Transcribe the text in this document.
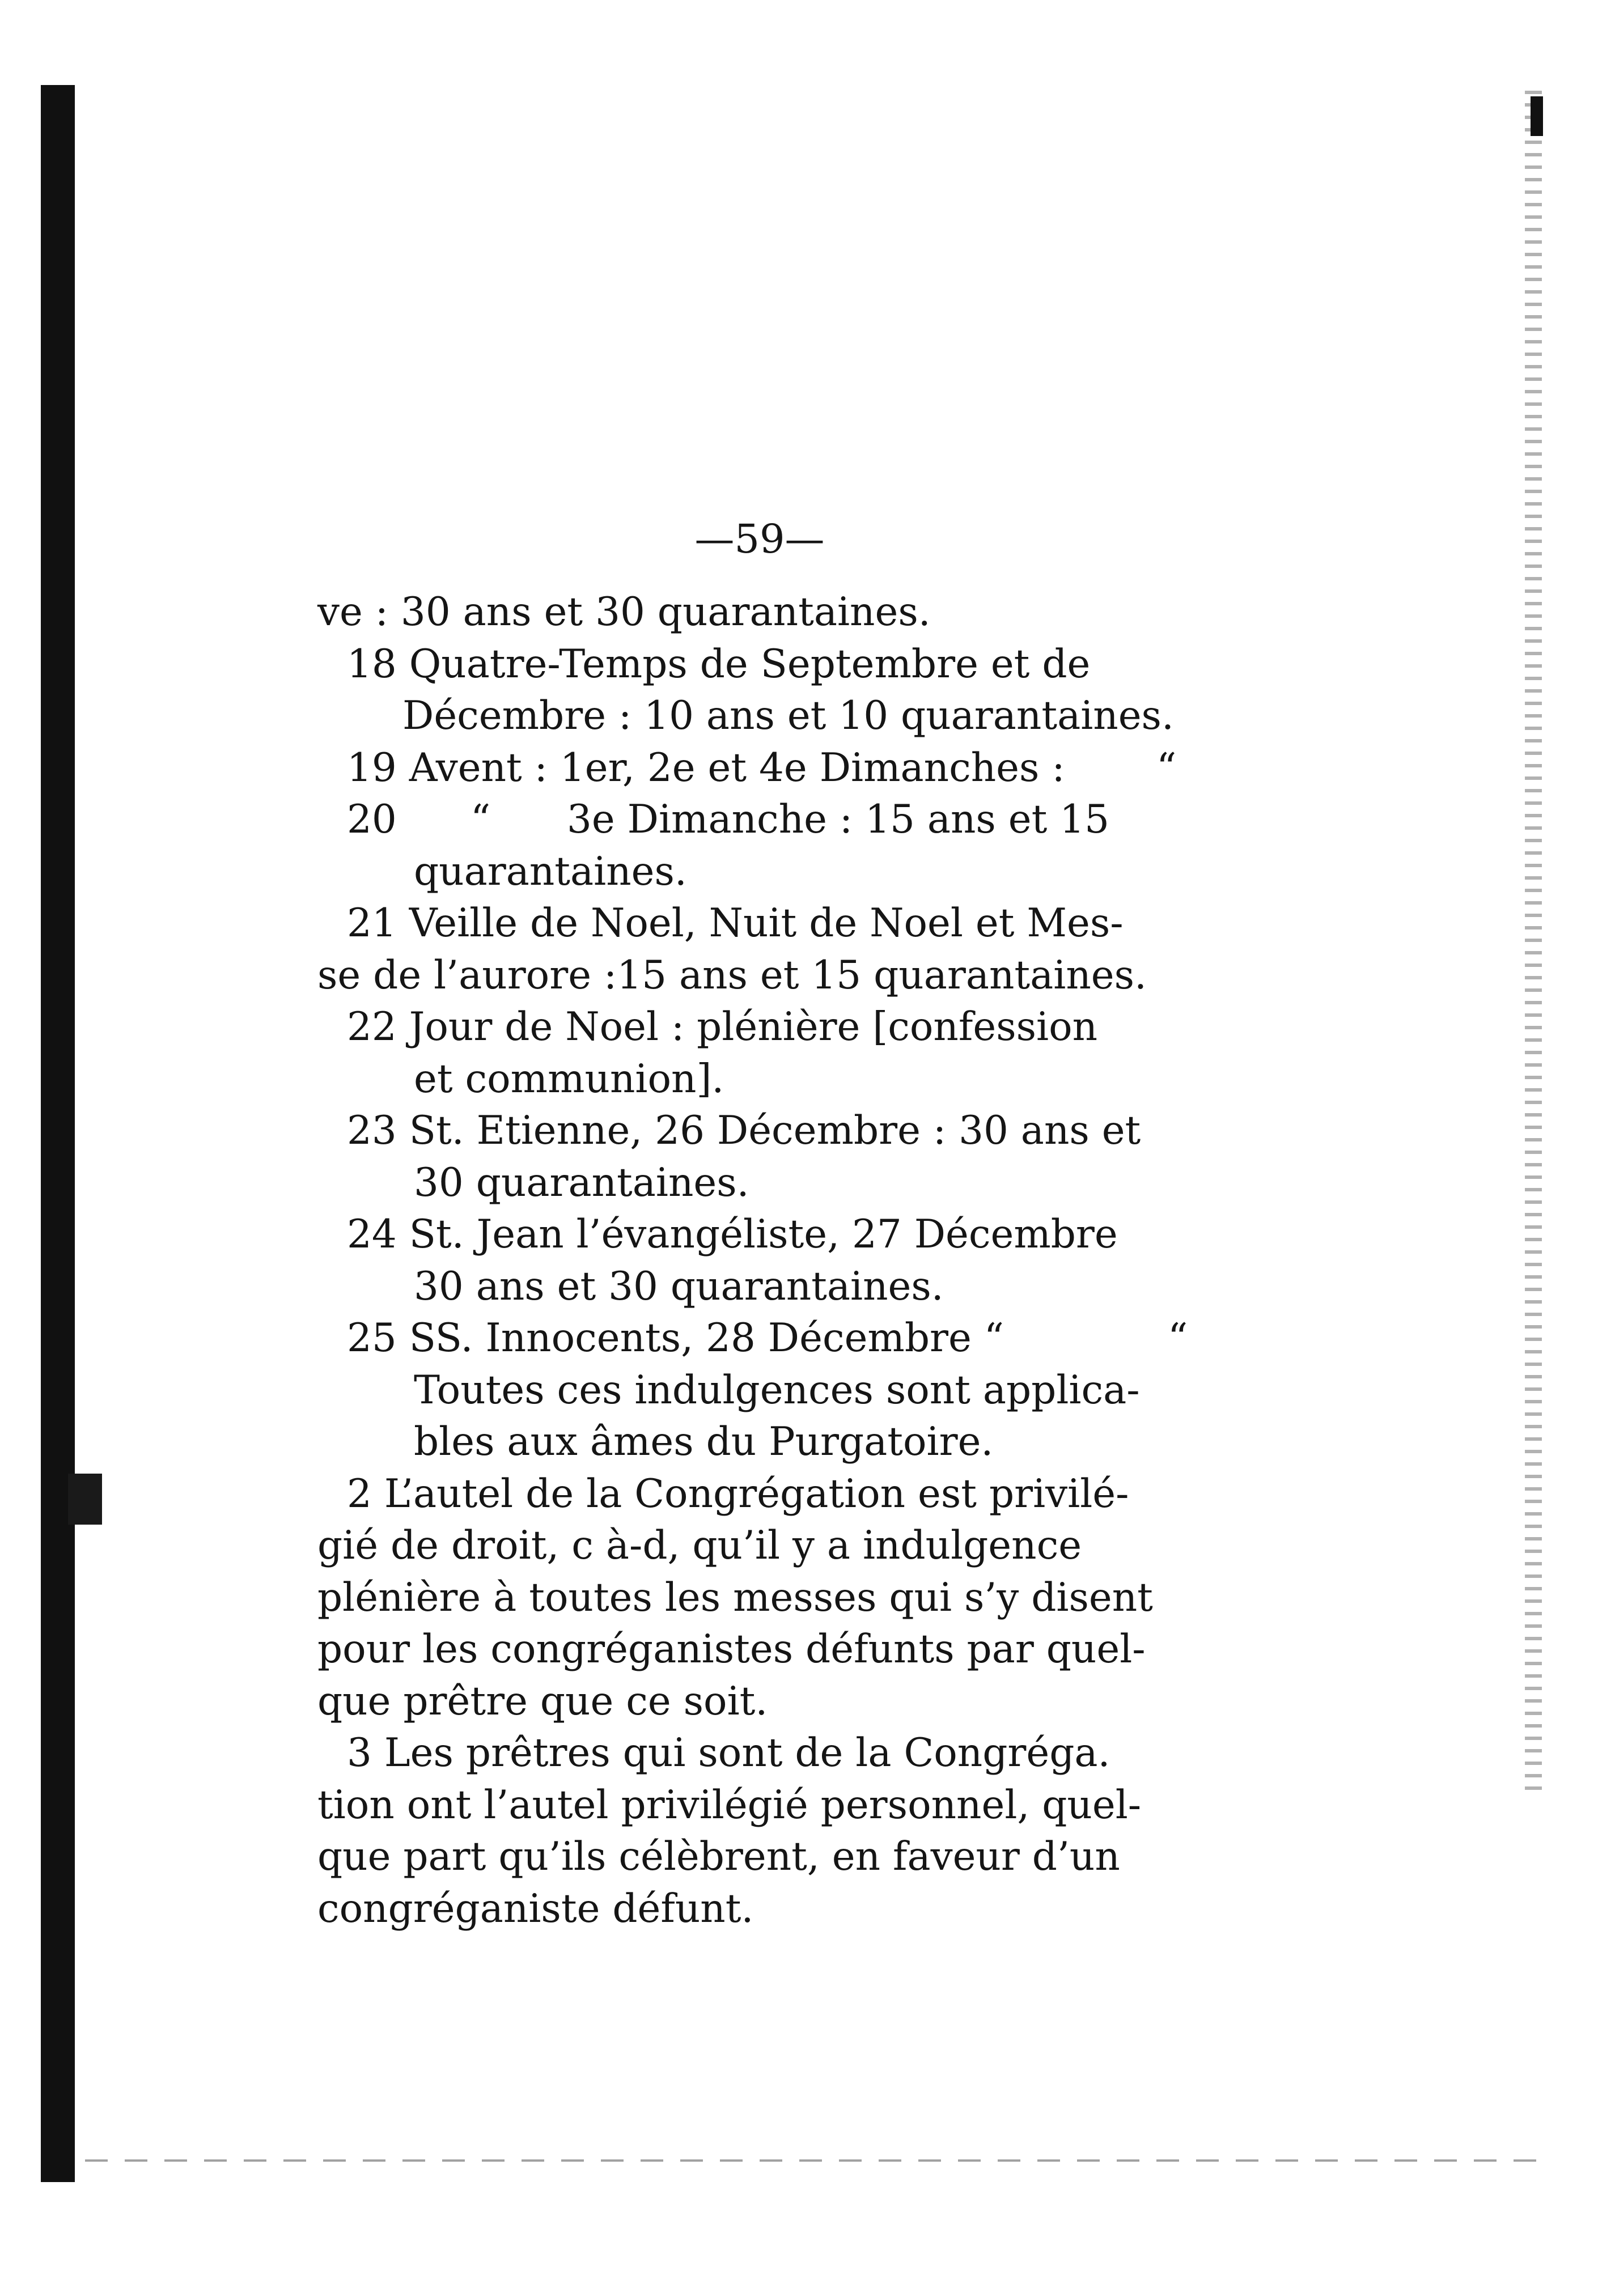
—59—
ve : 30 ans et 30 quarantaines.
18 Quatre-Temps de Septembre et de
Décembre : 10 ans et 10 quarantaines.
19 Avent : 1er, 2e et 4e Dimanches : “
20 “ 3e Dimanche : 15 ans et 15
quarantaines.
21 Veille de Noel, Nuit de Noel et Mes-
se de l’aurore :15 ans et 15 quarantaines.
22 Jour de Noel : plénière [confession
et communion].
23 St. Etienne, 26 Décembre : 30 ans et
30 quarantaines.
24 St. Jean l’évangéliste, 27 Décembre
30 ans et 30 quarantaines.
25 SS. Innocents, 28 Décembre “	“
Toutes ces indulgences sont applica-
bles aux âmes du Purgatoire.
2 L’autel de la Congrégation est privilé-
gié de droit, c à-d, qu’il y a indulgence
plénière à toutes les messes qui s’y disent
pour les congréganistes défunts par quel-
que prêtre que ce soit.
3 Les prêtres qui sont de la Congréga.
tion ont l’autel privilégié personnel, quel-
que part qu’ils célèbrent, en faveur d’un
congréganiste défunt.
